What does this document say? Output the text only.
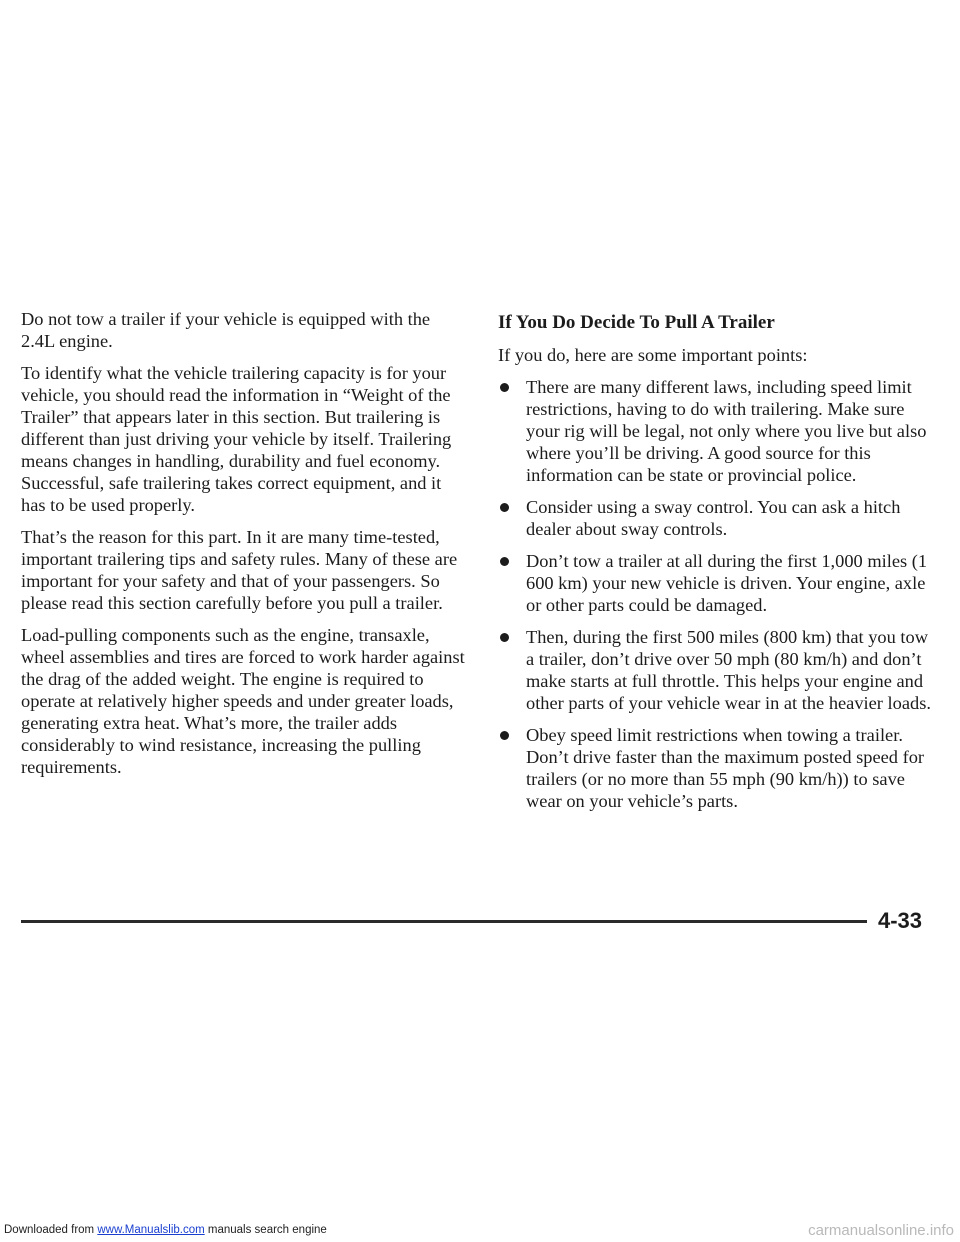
Do not tow a trailer if your vehicle is equipped with the 2.4L engine.

To identify what the vehicle trailering capacity is for your vehicle, you should read the information in “Weight of the Trailer” that appears later in this section. But trailering is different than just driving your vehicle by itself. Trailering means changes in handling, durability and fuel economy. Successful, safe trailering takes correct equipment, and it has to be used properly.

That’s the reason for this part. In it are many time-tested, important trailering tips and safety rules. Many of these are important for your safety and that of your passengers. So please read this section carefully before you pull a trailer.

Load-pulling components such as the engine, transaxle, wheel assemblies and tires are forced to work harder against the drag of the added weight. The engine is required to operate at relatively higher speeds and under greater loads, generating extra heat. What’s more, the trailer adds considerably to wind resistance, increasing the pulling requirements.

If You Do Decide To Pull A Trailer

If you do, here are some important points:

There are many different laws, including speed limit restrictions, having to do with trailering. Make sure your rig will be legal, not only where you live but also where you’ll be driving. A good source for this information can be state or provincial police.
Consider using a sway control. You can ask a hitch dealer about sway controls.
Don’t tow a trailer at all during the first 1,000 miles (1 600 km) your new vehicle is driven. Your engine, axle or other parts could be damaged.
Then, during the first 500 miles (800 km) that you tow a trailer, don’t drive over 50 mph (80 km/h) and don’t make starts at full throttle. This helps your engine and other parts of your vehicle wear in at the heavier loads.
Obey speed limit restrictions when towing a trailer. Don’t drive faster than the maximum posted speed for trailers (or no more than 55 mph (90 km/h)) to save wear on your vehicle’s parts.
4-33
Downloaded from www.Manualslib.com manuals search engine	carmanualsonline.info
